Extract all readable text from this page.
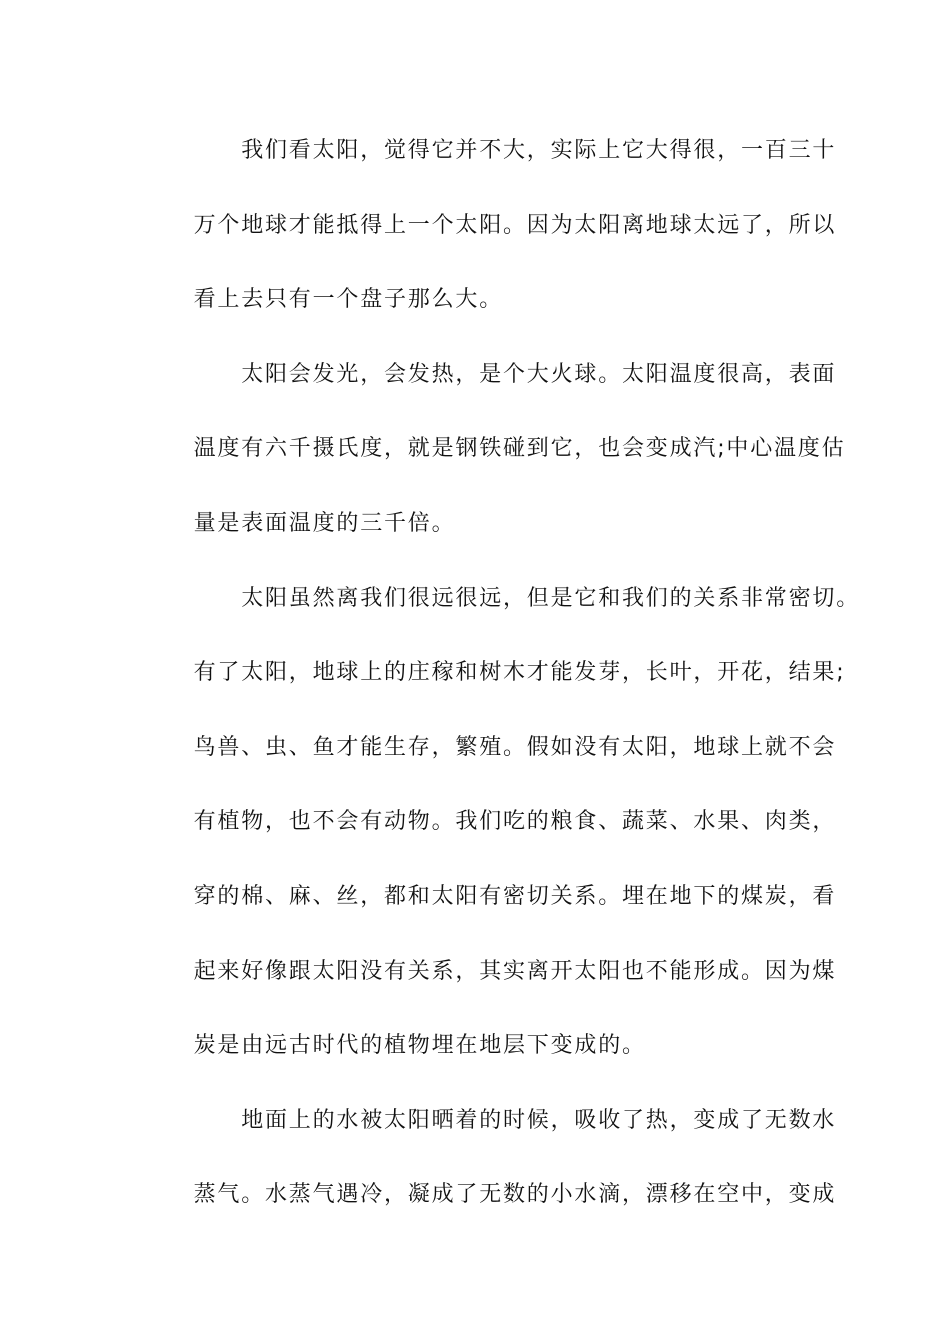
我们看太阳，觉得它并不大，实际上它大得很，一百三十
万个地球才能抵得上一个太阳。因为太阳离地球太远了，所以
看上去只有一个盘子那么大。
太阳会发光，会发热，是个大火球。太阳温度很高，表面
温度有六千摄氏度，就是钢铁碰到它，也会变成汽;中心温度估
量是表面温度的三千倍。
太阳虽然离我们很远很远，但是它和我们的关系非常密切。
有了太阳，地球上的庄稼和树木才能发芽，长叶，开花，结果;
鸟兽、虫、鱼才能生存，繁殖。假如没有太阳，地球上就不会
有植物，也不会有动物。我们吃的粮食、蔬菜、水果、肉类，
穿的棉、麻、丝，都和太阳有密切关系。埋在地下的煤炭，看
起来好像跟太阳没有关系，其实离开太阳也不能形成。因为煤
炭是由远古时代的植物埋在地层下变成的。
地面上的水被太阳晒着的时候，吸收了热，变成了无数水
蒸气。水蒸气遇冷，凝成了无数的小水滴，漂移在空中，变成
